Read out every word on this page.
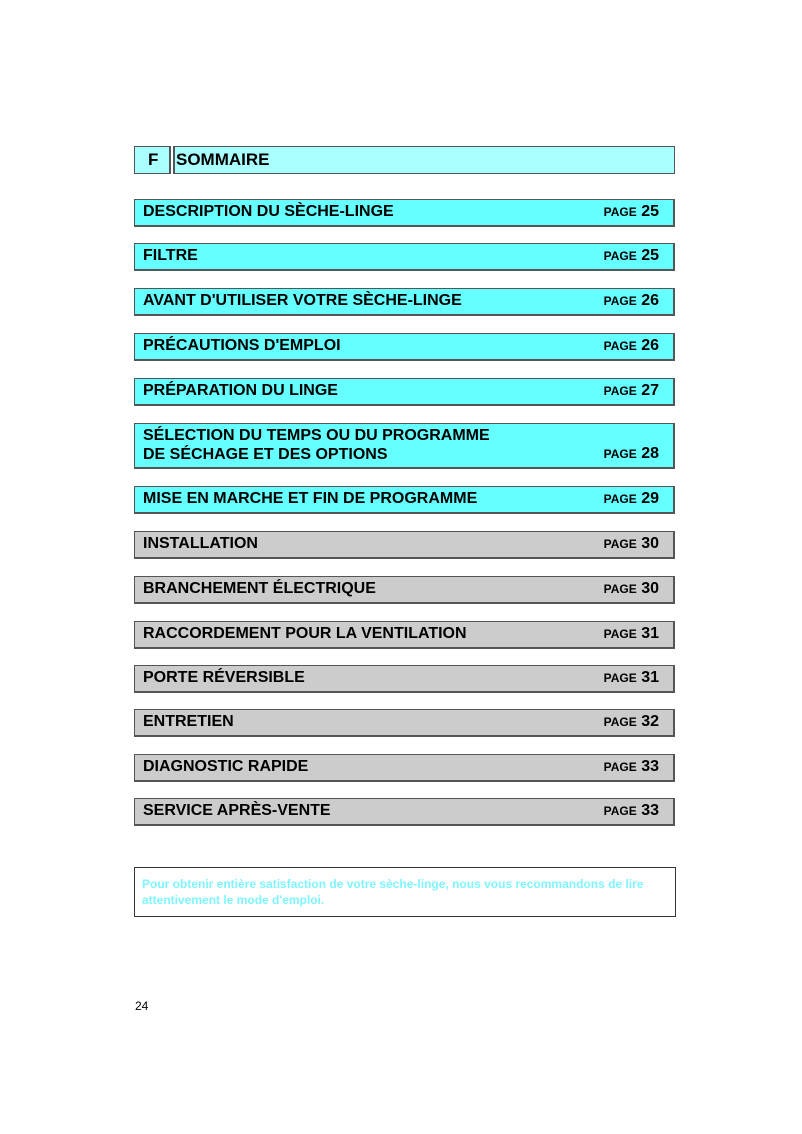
F	SOMMAIRE
DESCRIPTION DU SÈCHE-LINGE	PAGE 25
FILTRE	PAGE 25
AVANT D'UTILISER VOTRE SÈCHE-LINGE	PAGE 26
PRÉCAUTIONS D'EMPLOI	PAGE 26
PRÉPARATION DU LINGE	PAGE 27
SÉLECTION DU TEMPS OU DU PROGRAMME
DE SÉCHAGE ET DES OPTIONS	PAGE 28
MISE EN MARCHE ET FIN DE PROGRAMME	PAGE 29
INSTALLATION	PAGE 30
BRANCHEMENT ÉLECTRIQUE	PAGE 30
RACCORDEMENT POUR LA VENTILATION	PAGE 31
PORTE RÉVERSIBLE	PAGE 31
ENTRETIEN	PAGE 32
DIAGNOSTIC RAPIDE	PAGE 33
SERVICE APRÈS-VENTE	PAGE 33
Pour obtenir entière satisfaction de votre sèche-linge, nous vous recommandons de lire attentivement le mode d'emploi.
24
